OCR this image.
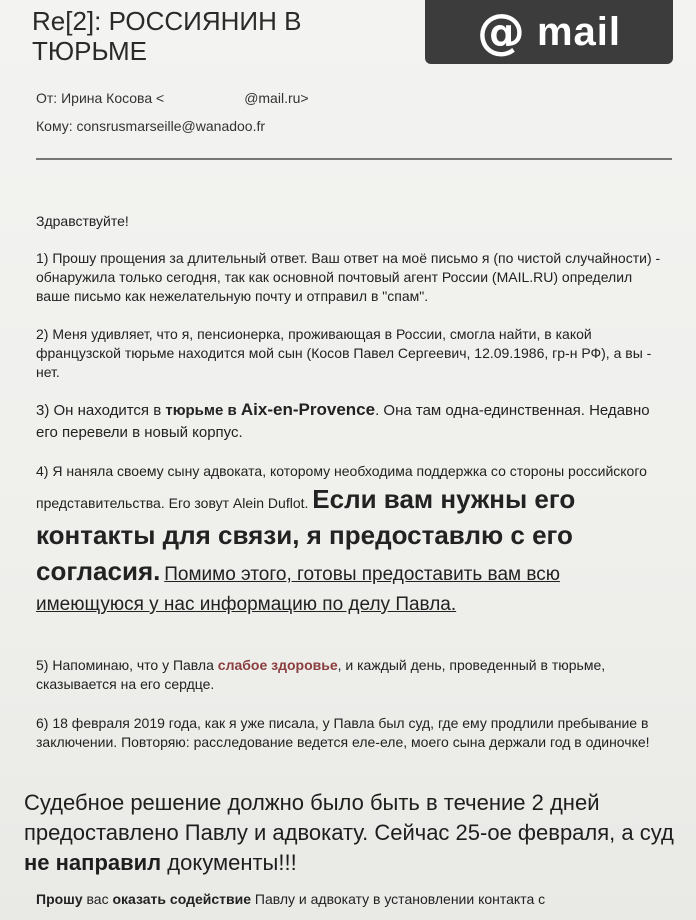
Re[2]: РОССИЯНИН В
ТЮРЬМЕ	@ mail
От: Ирина Косова <	@mail.ru>
Кому: consrusmarseille@wanadoo.fr
Здравствуйте!
1) Прошу прощения за длительный ответ. Ваш ответ на моё письмо я (по чистой случайности) - обнаружила только сегодня, так как основной почтовый агент России (MAIL.RU) определил ваше письмо как нежелательную почту и отправил в "спам".
2) Меня удивляет, что я, пенсионерка, проживающая в России, смогла найти, в какой французской тюрьме находится мой сын (Косов Павел Сергеевич, 12.09.1986, гр-н РФ), а вы - нет.
3) Он находится в тюрьме в Aix-en-Provence. Она там одна-единственная. Недавно его перевели в новый корпус.
4) Я наняла своему сыну адвоката, которому необходима поддержка со стороны российского представительства. Его зовут Alein Duflot. Если вам нужны его контакты для связи, я предоставлю с его согласия. Помимо этого, готовы предоставить вам всю имеющуюся у нас информацию по делу Павла.
5) Напоминаю, что у Павла слабое здоровье, и каждый день, проведенный в тюрьме, сказывается на его сердце.
6) 18 февраля 2019 года, как я уже писала, у Павла был суд, где ему продлили пребывание в заключении. Повторяю: расследование ведется еле-еле, моего сына держали год в одиночке!
Судебное решение должно было быть в течение 2 дней предоставлено Павлу и адвокату. Сейчас 25-ое февраля, а суд не направил документы!!!
Прошу вас оказать содействие Павлу и адвокату в установлении контакта с
